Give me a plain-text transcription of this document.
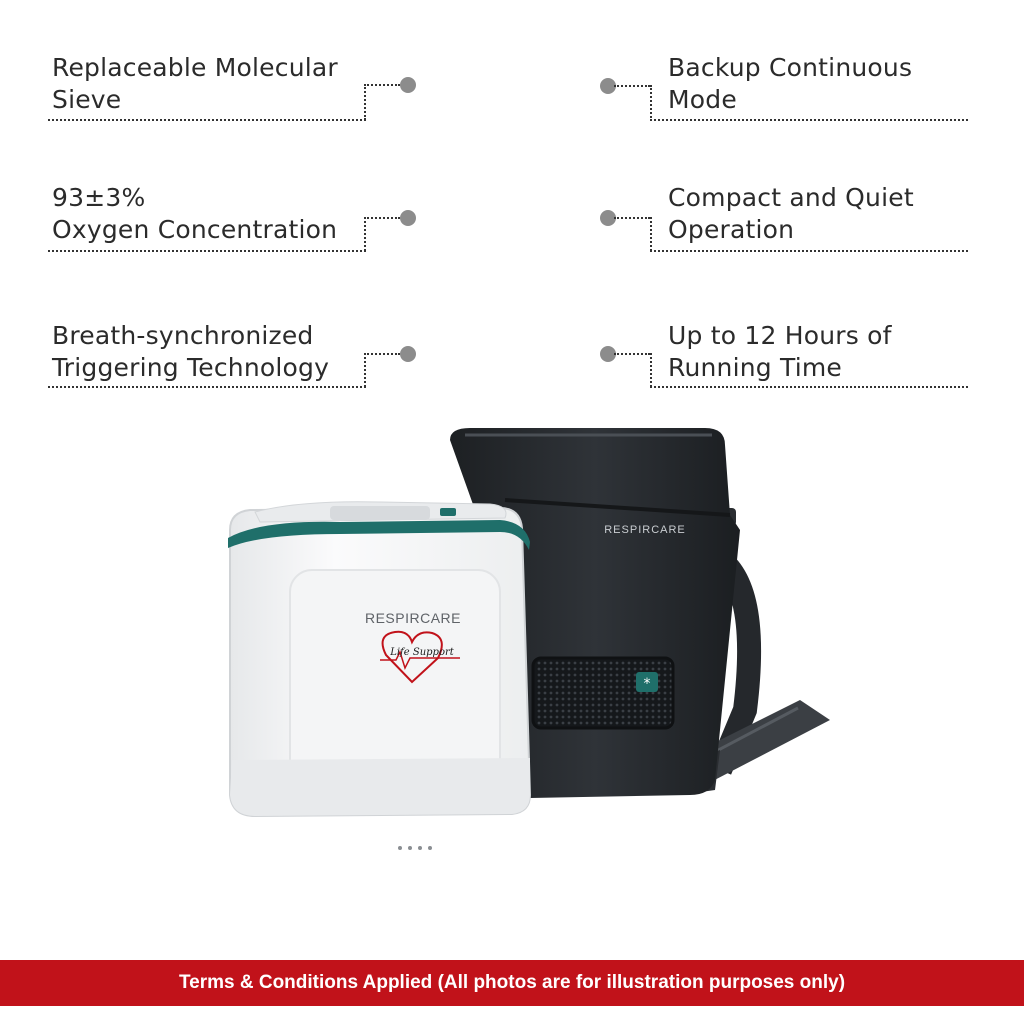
Replaceable Molecular
Sieve
93±3%
Oxygen Concentration
Breath-synchronized
Triggering Technology
Backup Continuous
Mode
Compact and Quiet
Operation
Up to 12 Hours of
Running Time
*
RESPIRCARE
RESPIRCARE
Life Support
Terms & Conditions Applied (All photos are for illustration purposes only)
